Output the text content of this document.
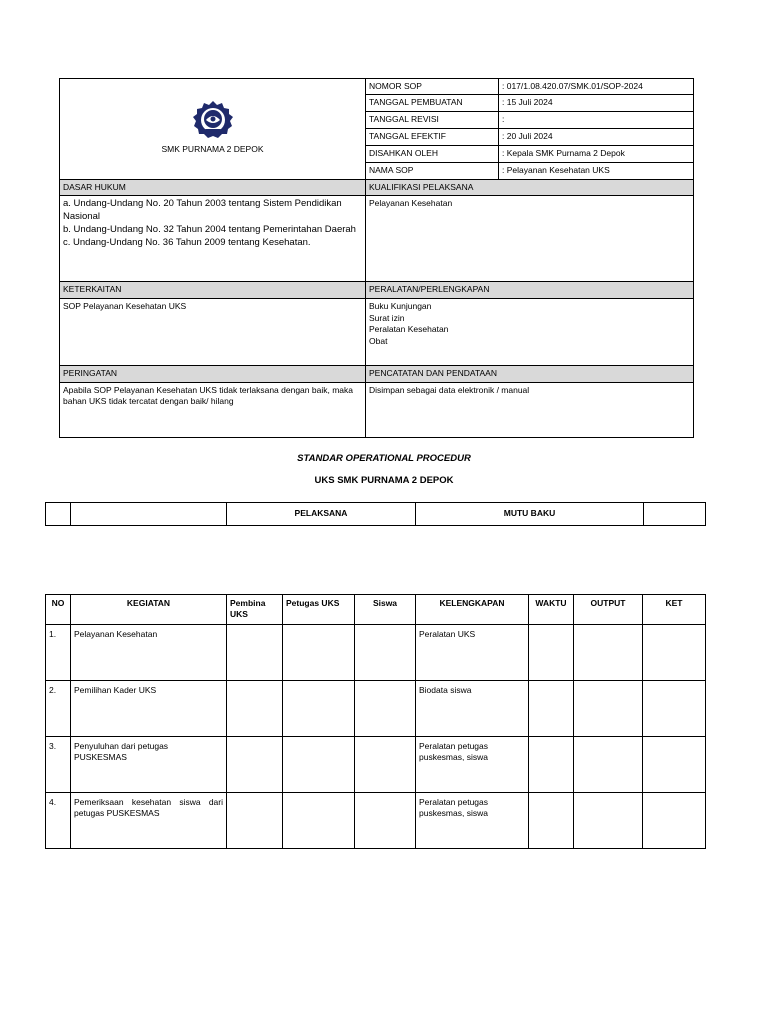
SMK PURNAMA 2 DEPOK	NOMOR SOP	: 017/1.08.420.07/SMK.01/SOP-2024
	TANGGAL PEMBUATAN	: 15 Juli 2024
	TANGGAL REVISI	:
	TANGGAL EFEKTIF	: 20 Juli 2024
	DISAHKAN OLEH	: Kepala SMK Purnama 2 Depok
	NAMA SOP	: Pelayanan Kesehatan UKS
DASAR HUKUM	KUALIFIKASI PELAKSANA	

a. Undang-Undang No. 20 Tahun 2003 tentang Sistem Pendidikan Nasional
b. Undang-Undang No. 32 Tahun 2004 tentang Pemerintahan Daerah
c. Undang-Undang No. 36 Tahun 2009 tentang Kesehatan.	Pelayanan Kesehatan	
KETERKAITAN	PERALATAN/PERLENGKAPAN	
SOP Pelayanan Kesehatan UKS	Buku Kunjungan
Surat izin
Peralatan Kesehatan
Obat	

PERINGATAN	PENCATATAN DAN PENDATAAN	
Apabila SOP Pelayanan Kesehatan UKS tidak terlaksana dengan baik, maka bahan UKS tidak tercatat dengan baik/ hilang	Disimpan sebagai data elektronik / manual	
STANDAR OPERATIONAL PROCEDUR
UKS SMK PURNAMA 2 DEPOK
		PELAKSANA	MUTU BAKU	
NO	KEGIATAN	Pembina UKS	Petugas UKS	Siswa	KELENGKAPAN	WAKTU	OUTPUT	KET
1.	Pelayanan Kesehatan				Peralatan UKS			
2.	Pemilihan Kader UKS				Biodata siswa			
3.	Penyuluhan dari petugas PUSKESMAS				Peralatan petugas puskesmas, siswa			
4.	Pemeriksaan kesehatan siswa dari petugas PUSKESMAS				Peralatan petugas puskesmas, siswa			
